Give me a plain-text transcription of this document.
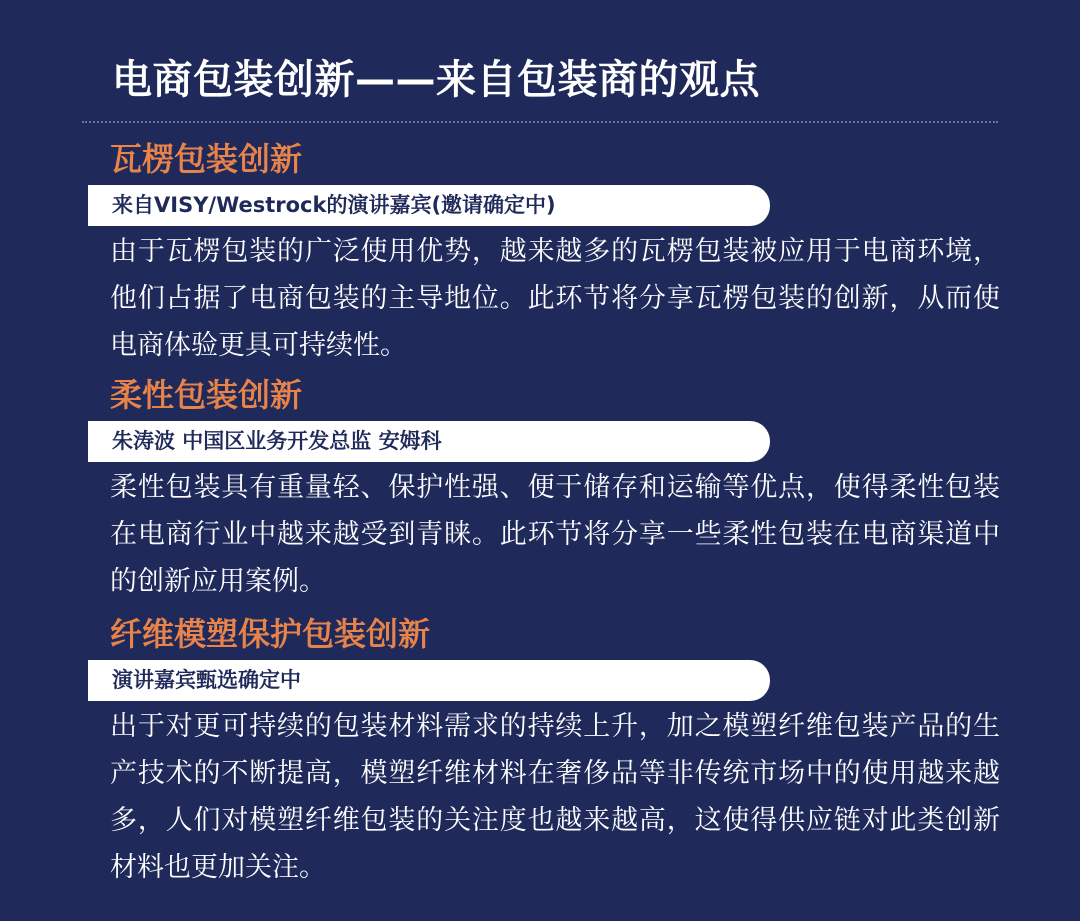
电商包装创新——来自包装商的观点
瓦楞包装创新
来自VISY/Westrock的演讲嘉宾(邀请确定中)
由于瓦楞包装的广泛使用优势，越来越多的瓦楞包装被应用于电商环境，他们占据了电商包装的主导地位。此环节将分享瓦楞包装的创新，从而使电商体验更具可持续性。
柔性包装创新
朱涛波 中国区业务开发总监 安姆科
柔性包装具有重量轻、保护性强、便于储存和运输等优点，使得柔性包装在电商行业中越来越受到青睐。此环节将分享一些柔性包装在电商渠道中的创新应用案例。
纤维模塑保护包装创新
演讲嘉宾甄选确定中
出于对更可持续的包装材料需求的持续上升，加之模塑纤维包装产品的生产技术的不断提高，模塑纤维材料在奢侈品等非传统市场中的使用越来越多，人们对模塑纤维包装的关注度也越来越高，这使得供应链对此类创新材料也更加关注。
